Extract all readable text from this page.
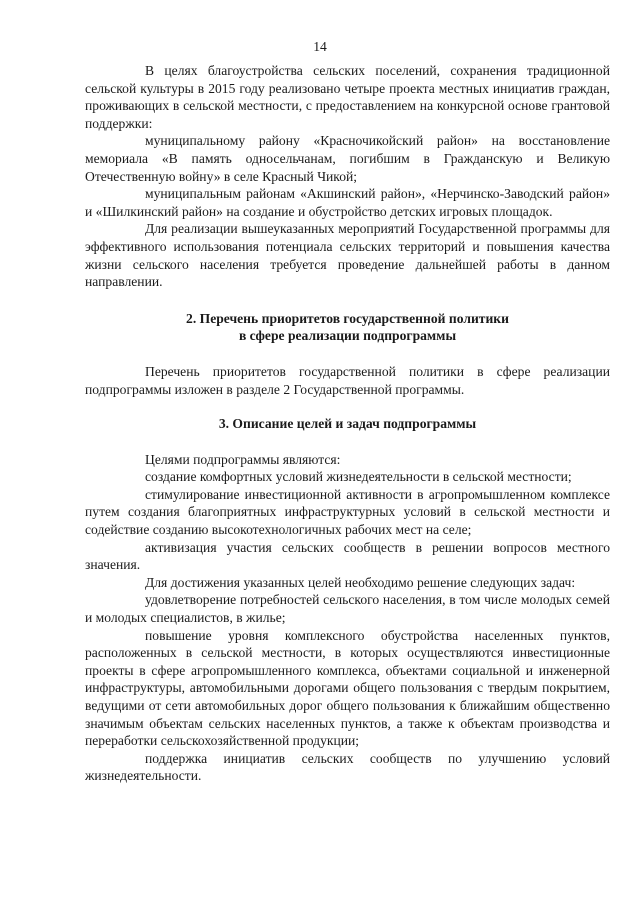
14

В целях благоустройства сельских поселений, сохранения традиционной сельской культуры в 2015 году реализовано четыре проекта местных инициатив граждан, проживающих в сельской местности, с предоставлением на конкурсной основе грантовой поддержки:

муниципальному району «Красночикойский район» на восстановление мемориала «В память односельчанам, погибшим в Гражданскую и Великую Отечественную войну» в селе Красный Чикой;

муниципальным районам «Акшинский район», «Нерчинско-Заводский район» и «Шилкинский район» на создание и обустройство детских игровых площадок.

Для реализации вышеуказанных мероприятий Государственной программы для эффективного использования потенциала сельских территорий и повышения качества жизни сельского населения требуется проведение дальнейшей работы в данном направлении.

2. Перечень приоритетов государственной политики

в сфере реализации подпрограммы

Перечень приоритетов государственной политики в сфере реализации подпрограммы изложен в разделе 2 Государственной программы.

3. Описание целей и задач подпрограммы

Целями подпрограммы являются:

создание комфортных условий жизнедеятельности в сельской местности;

стимулирование инвестиционной активности в агропромышленном комплексе путем создания благоприятных инфраструктурных условий в сельской местности и содействие созданию высокотехнологичных рабочих мест на селе;

активизация участия сельских сообществ в решении вопросов местного значения.

Для достижения указанных целей необходимо решение следующих задач:

удовлетворение потребностей сельского населения, в том числе молодых семей и молодых специалистов, в жилье;

повышение уровня комплексного обустройства населенных пунктов, расположенных в сельской местности, в которых осуществляются инвестиционные проекты в сфере агропромышленного комплекса, объектами социальной и инженерной инфраструктуры, автомобильными дорогами общего пользования с твердым покрытием, ведущими от сети автомобильных дорог общего пользования к ближайшим общественно значимым объектам сельских населенных пунктов, а также к объектам производства и переработки сельскохозяйственной продукции;

поддержка инициатив сельских сообществ по улучшению условий жизнедеятельности.
